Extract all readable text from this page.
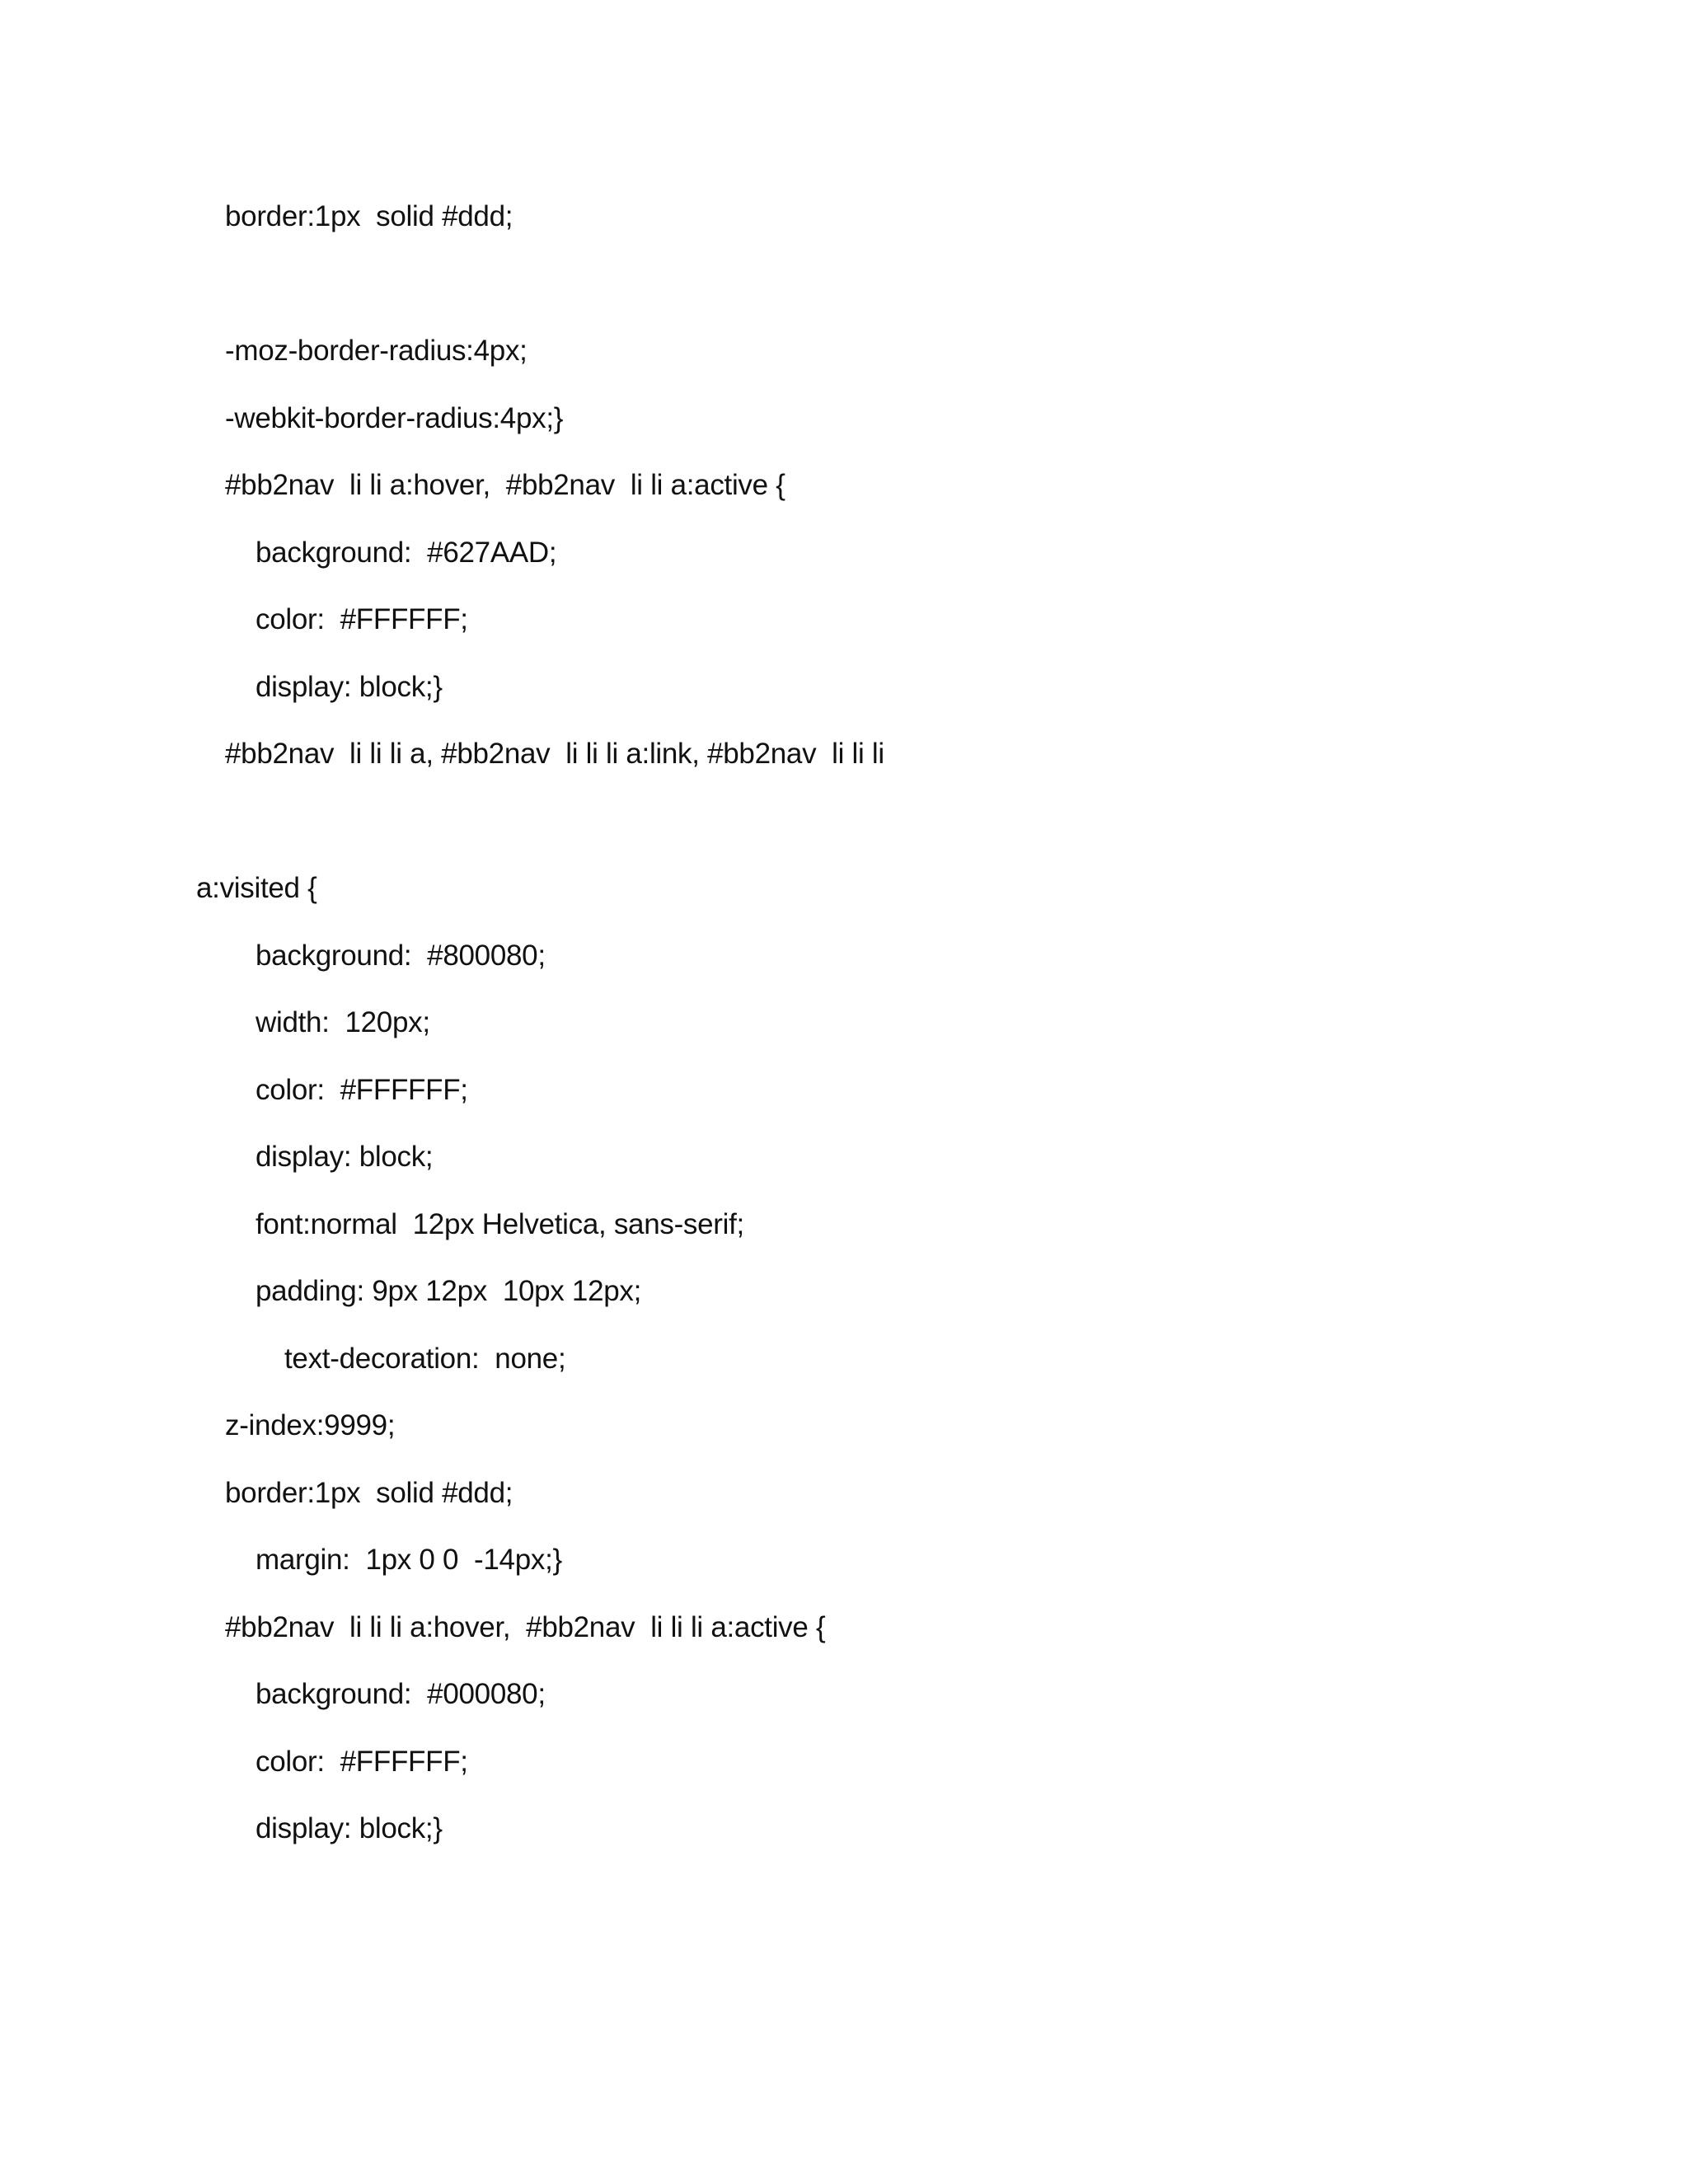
border:1px  solid #ddd;
-moz-border-radius:4px;
-webkit-border-radius:4px;}
#bb2nav  li li a:hover,  #bb2nav  li li a:active {
background:  #627AAD;
color:  #FFFFFF;
display: block;}
#bb2nav  li li li a, #bb2nav  li li li a:link, #bb2nav  li li li
a:visited {
background:  #800080;
width:  120px;
color:  #FFFFFF;
display: block;
font:normal  12px Helvetica, sans-serif;
padding: 9px 12px  10px 12px;
text-decoration:  none;
z-index:9999;
border:1px  solid #ddd;
margin:  1px 0 0  -14px;}
#bb2nav  li li li a:hover,  #bb2nav  li li li a:active {
background:  #000080;
color:  #FFFFFF;
display: block;}
